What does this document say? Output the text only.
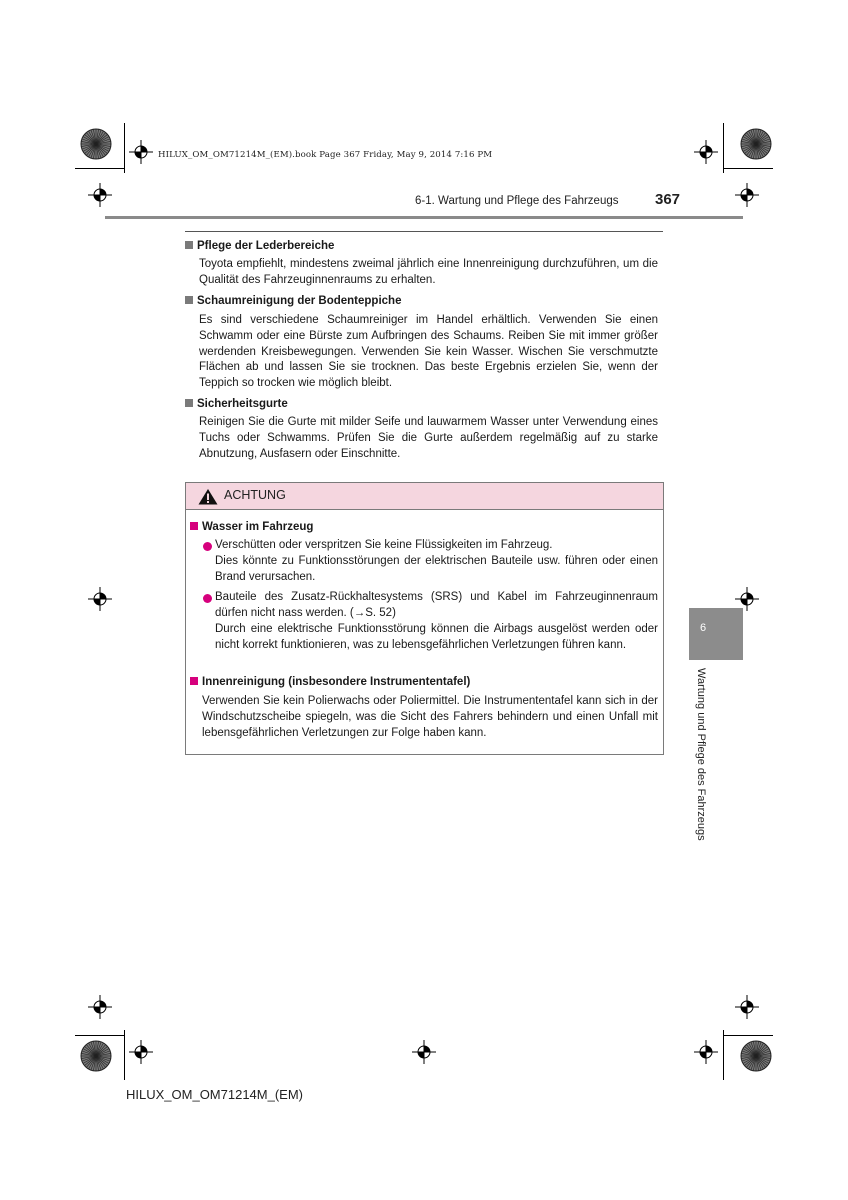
HILUX_OM_OM71214M_(EM).book Page 367 Friday, May 9, 2014 7:16 PM
6-1. Wartung und Pflege des Fahrzeugs 367
Pflege der Lederbereiche
Toyota empfiehlt, mindestens zweimal jährlich eine Innenreinigung durchzuführen, um die Qualität des Fahrzeuginnenraums zu erhalten.
Schaumreinigung der Bodenteppiche
Es sind verschiedene Schaumreiniger im Handel erhältlich. Verwenden Sie einen Schwamm oder eine Bürste zum Aufbringen des Schaums. Reiben Sie mit immer größer werdenden Kreisbewegungen. Verwenden Sie kein Wasser. Wischen Sie verschmutzte Flächen ab und lassen Sie sie trocknen. Das beste Ergebnis erzielen Sie, wenn der Teppich so trocken wie möglich bleibt.
Sicherheitsgurte
Reinigen Sie die Gurte mit milder Seife und lauwarmem Wasser unter Verwendung eines Tuchs oder Schwamms. Prüfen Sie die Gurte außerdem regelmäßig auf zu starke Abnutzung, Ausfasern oder Einschnitte.
ACHTUNG
Wasser im Fahrzeug
Verschütten oder verspritzen Sie keine Flüssigkeiten im Fahrzeug.
Dies könnte zu Funktionsstörungen der elektrischen Bauteile usw. führen oder einen Brand verursachen.
Bauteile des Zusatz-Rückhaltesystems (SRS) und Kabel im Fahrzeuginnenraum dürfen nicht nass werden. (→S. 52)
Durch eine elektrische Funktionsstörung können die Airbags ausgelöst werden oder nicht korrekt funktionieren, was zu lebensgefährlichen Verletzungen führen kann.
Innenreinigung (insbesondere Instrumententafel)
Verwenden Sie kein Polierwachs oder Poliermittel. Die Instrumententafel kann sich in der Windschutzscheibe spiegeln, was die Sicht des Fahrers behindern und einen Unfall mit lebensgefährlichen Verletzungen zur Folge haben kann.
6
Wartung und Pflege des Fahrzeugs
HILUX_OM_OM71214M_(EM)
